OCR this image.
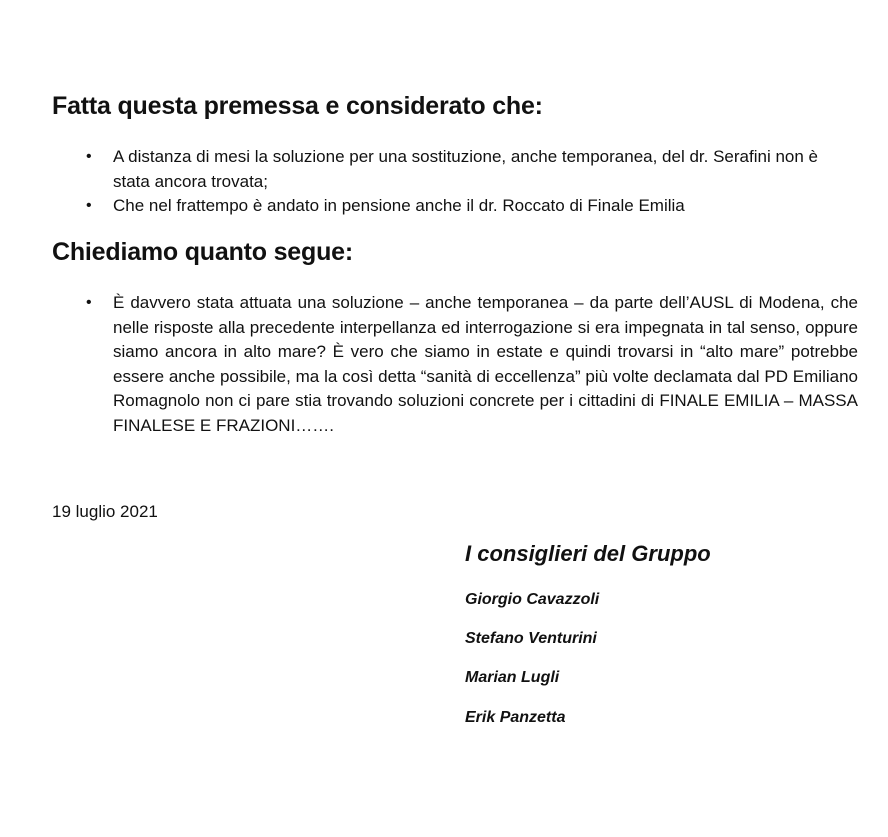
Fatta questa premessa e considerato che:
• A distanza di mesi la soluzione per una sostituzione, anche temporanea, del dr. Serafini non è stata ancora trovata;
• Che nel frattempo è andato in pensione anche il dr. Roccato di Finale Emilia
Chiediamo quanto segue:
• È davvero stata attuata una soluzione – anche temporanea – da parte dell’AUSL di Modena, che nelle risposte alla precedente interpellanza ed interrogazione si era impegnata in tal senso, oppure siamo ancora in alto mare? È vero che siamo in estate e quindi trovarsi in “alto mare” potrebbe essere anche possibile, ma la così detta “sanità di eccellenza” più volte declamata dal PD Emiliano Romagnolo non ci pare stia trovando soluzioni concrete per i cittadini di FINALE EMILIA – MASSA FINALESE E FRAZIONI…….
19 luglio 2021
I consiglieri del Gruppo
Giorgio Cavazzoli
Stefano Venturini
Marian Lugli
Erik Panzetta
